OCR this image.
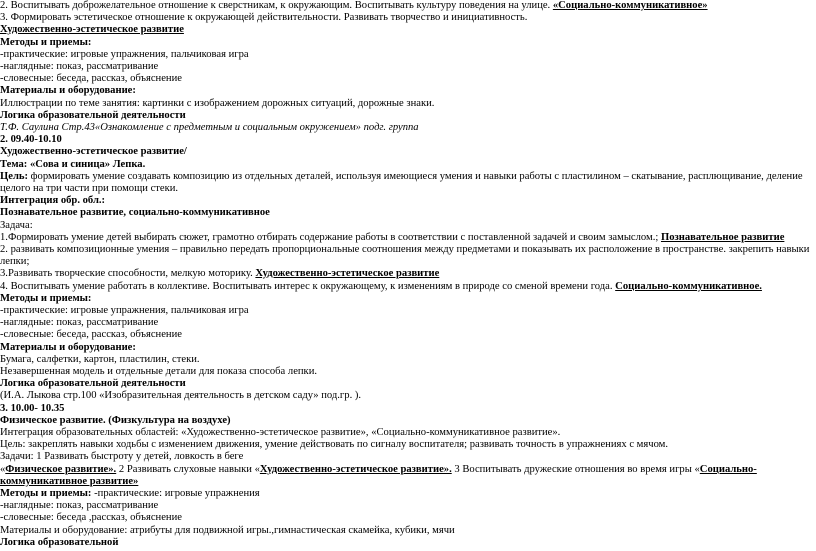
2. Воспитывать доброжелательное отношение к сверстникам, к окружающим. Воспитывать культуру поведения на улице. «Социально-коммуникативное»
3. Формировать эстетическое отношение к окружающей действительности. Развивать творчество и инициативность.
Художественно-эстетическое развитие
Методы и приемы:
-практические: игровые упражнения, пальчиковая игра
-наглядные: показ, рассматривание
-словесные: беседа, рассказ, объяснение
Материалы и оборудование:
Иллюстрации по теме занятия: картинки с изображением дорожных ситуаций, дорожные знаки.
Логика образовательной деятельности
Т.Ф. Саулина Стр.43«Ознакомление с предметным и социальным окружением» подг. группа
2. 09.40-10.10
Художественно-эстетическое развитие/
Тема: «Сова и синица» Лепка.
Цель: формировать умение создавать композицию из отдельных деталей, используя имеющиеся умения и навыки работы с пластилином – скатывание, расплющивание, деление
целого на три части при помощи стеки.
Интеграция обр. обл.:
Познавательное развитие, социально-коммуникативное
Задача:
1.Формировать умение детей выбирать сюжет, грамотно отбирать содержание работы в соответствии с поставленной задачей и своим замыслом.; Познавательное развитие
2. развивать композиционные умения – правильно передать пропорциональные соотношения между предметами и показывать их расположение в пространстве. закрепить навыки
лепки;
3.Развивать творческие способности, мелкую моторику. Художественно-эстетическое развитие
4. Воспитывать умение работать в коллективе. Воспитывать интерес к окружающему, к изменениям в природе со сменой времени года. Социально-коммуникативное.
Методы и приемы:
-практические: игровые упражнения, пальчиковая игра
-наглядные: показ, рассматривание
-словесные: беседа, рассказ, объяснение
Материалы и оборудование:
Бумага, салфетки, картон, пластилин, стеки.
Незавершенная модель и отдельные детали для показа способа лепки.
Логика образовательной деятельности
(И.А. Лыкова стр.100 «Изобразительная деятельность в детском саду» под.гр. ).
3. 10.00- 10.35
Физическое развитие. (Физкультура на воздухе)
Интеграция образовательных областей: «Художественно-эстетическое развитие», «Социально-коммуникативное развитие».
Цель: закреплять навыки ходьбы с изменением движения, умение действовать по сигналу воспитателя; развивать точность в упражнениях с мячом.
Задачи: 1 Развивать быстроту у детей, ловкость в беге
«Физическое развитие». 2 Развивать слуховые навыки «Художественно-эстетическое развитие». 3 Воспитывать дружеские отношения во время игры «Социально-
коммуникативное развитие»
Методы и приемы: -практические: игровые упражнения
-наглядные: показ, рассматривание
-словесные: беседа ,рассказ, объяснение
Материалы и оборудование: атрибуты для подвижной игры.,гимнастическая скамейка, кубики, мячи
Логика образовательной
